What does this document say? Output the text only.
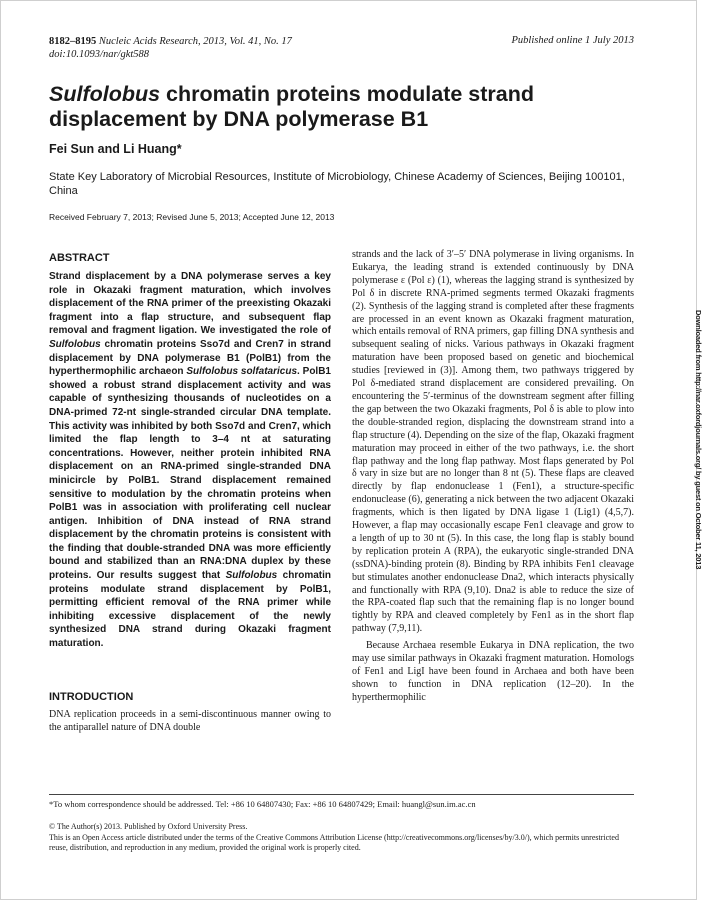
8182–8195 Nucleic Acids Research, 2013, Vol. 41, No. 17
doi:10.1093/nar/gkt588
Published online 1 July 2013
Sulfolobus chromatin proteins modulate strand displacement by DNA polymerase B1
Fei Sun and Li Huang*
State Key Laboratory of Microbial Resources, Institute of Microbiology, Chinese Academy of Sciences, Beijing 100101, China
Received February 7, 2013; Revised June 5, 2013; Accepted June 12, 2013
ABSTRACT

Strand displacement by a DNA polymerase serves a key role in Okazaki fragment maturation, which involves displacement of the RNA primer of the preexisting Okazaki fragment into a flap structure, and subsequent flap removal and fragment ligation. We investigated the role of Sulfolobus chromatin proteins Sso7d and Cren7 in strand displacement by DNA polymerase B1 (PolB1) from the hyperthermophilic archaeon Sulfolobus solfataricus. PolB1 showed a robust strand displacement activity and was capable of synthesizing thousands of nucleotides on a DNA-primed 72-nt single-stranded circular DNA template. This activity was inhibited by both Sso7d and Cren7, which limited the flap length to 3–4 nt at saturating concentrations. However, neither protein inhibited RNA displacement on an RNA-primed single-stranded DNA minicircle by PolB1. Strand displacement remained sensitive to modulation by the chromatin proteins when PolB1 was in association with proliferating cell nuclear antigen. Inhibition of DNA instead of RNA strand displacement by the chromatin proteins is consistent with the finding that double-stranded DNA was more efficiently bound and stabilized than an RNA:DNA duplex by these proteins. Our results suggest that Sulfolobus chromatin proteins modulate strand displacement by PolB1, permitting efficient removal of the RNA primer while inhibiting excessive displacement of the newly synthesized DNA strand during Okazaki fragment maturation.

INTRODUCTION

DNA replication proceeds in a semi-discontinuous manner owing to the antiparallel nature of DNA double

strands and the lack of 3′–5′ DNA polymerase in living organisms. In Eukarya, the leading strand is extended continuously by DNA polymerase ε (Pol ε) (1), whereas the lagging strand is synthesized by Pol δ in discrete RNA-primed segments termed Okazaki fragments (2). Synthesis of the lagging strand is completed after these fragments are processed in an event known as Okazaki fragment maturation, which entails removal of RNA primers, gap filling DNA synthesis and subsequent sealing of nicks. Various pathways in Okazaki fragment maturation have been proposed based on genetic and biochemical studies [reviewed in (3)]. Among them, two pathways triggered by Pol δ-mediated strand displacement are considered prevailing. On encountering the 5′-terminus of the downstream segment after filling the gap between the two Okazaki fragments, Pol δ is able to plow into the double-stranded region, displacing the downstream strand into a flap structure (4). Depending on the size of the flap, Okazaki fragment maturation may proceed in either of the two pathways, i.e. the short flap pathway and the long flap pathway. Most flaps generated by Pol δ vary in size but are no longer than 8 nt (5). These flaps are cleaved directly by flap endonuclease 1 (Fen1), a structure-specific endonuclease (6), generating a nick between the two adjacent Okazaki fragments, which is then ligated by DNA ligase 1 (Lig1) (4,5,7). However, a flap may occasionally escape Fen1 cleavage and grow to a length of up to 30 nt (5). In this case, the long flap is stably bound by replication protein A (RPA), the eukaryotic single-stranded DNA (ssDNA)-binding protein (8). Binding by RPA inhibits Fen1 cleavage but stimulates another endonuclease Dna2, which interacts physically and functionally with RPA (9,10). Dna2 is able to reduce the size of the RPA-coated flap such that the remaining flap is no longer bound tightly by RPA and cleaved completely by Fen1 as in the short flap pathway (7,9,11).

Because Archaea resemble Eukarya in DNA replication, the two may use similar pathways in Okazaki fragment maturation. Homologs of Fen1 and LigI have been found in Archaea and both have been shown to function in DNA replication (12–20). In the hyperthermophilic

*To whom correspondence should be addressed. Tel: +86 10 64807430; Fax: +86 10 64807429; Email: huangl@sun.im.ac.cn
© The Author(s) 2013. Published by Oxford University Press.
This is an Open Access article distributed under the terms of the Creative Commons Attribution License (http://creativecommons.org/licenses/by/3.0/), which permits unrestricted reuse, distribution, and reproduction in any medium, provided the original work is properly cited.
Downloaded from http://nar.oxfordjournals.org/ by guest on October 11, 2013
